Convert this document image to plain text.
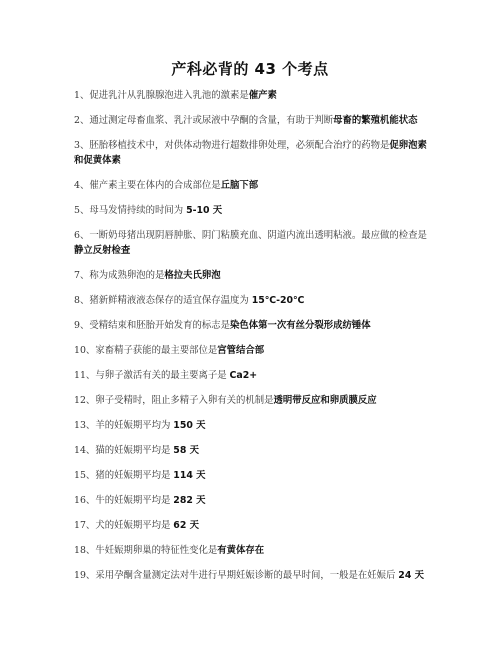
产科必背的 43 个考点

1、促进乳汁从乳腺腺泡进入乳池的激素是催产素

2、通过测定母畜血浆、乳汁或尿液中孕酮的含量，有助于判断母畜的繁殖机能状态

3、胚胎移植技术中，对供体动物进行超数排卵处理，必须配合治疗的药物是促卵泡素和促黄体素

4、催产素主要在体内的合成部位是丘脑下部

5、母马发情持续的时间为 5-10 天

6、一断奶母猪出现阴唇肿胀、阴门粘膜充血、阴道内流出透明粘液。最应做的检查是静立反射检查

7、称为成熟卵泡的是格拉夫氏卵泡

8、猪新鲜精液液态保存的适宜保存温度为 15℃-20℃

9、受精结束和胚胎开始发育的标志是染色体第一次有丝分裂形成纺锤体

10、家畜精子获能的最主要部位是宫管结合部

11、与卵子激活有关的最主要离子是 Ca2+

12、卵子受精时，阻止多精子入卵有关的机制是透明带反应和卵质膜反应

13、羊的妊娠期平均为 150 天

14、猫的妊娠期平均是 58 天

15、猪的妊娠期平均是 114 天

16、牛的妊娠期平均是 282 天

17、犬的妊娠期平均是 62 天

18、牛妊娠期卵巢的特征性变化是有黄体存在

19、采用孕酮含量测定法对牛进行早期妊娠诊断的最早时间，一般是在妊娠后 24 天
